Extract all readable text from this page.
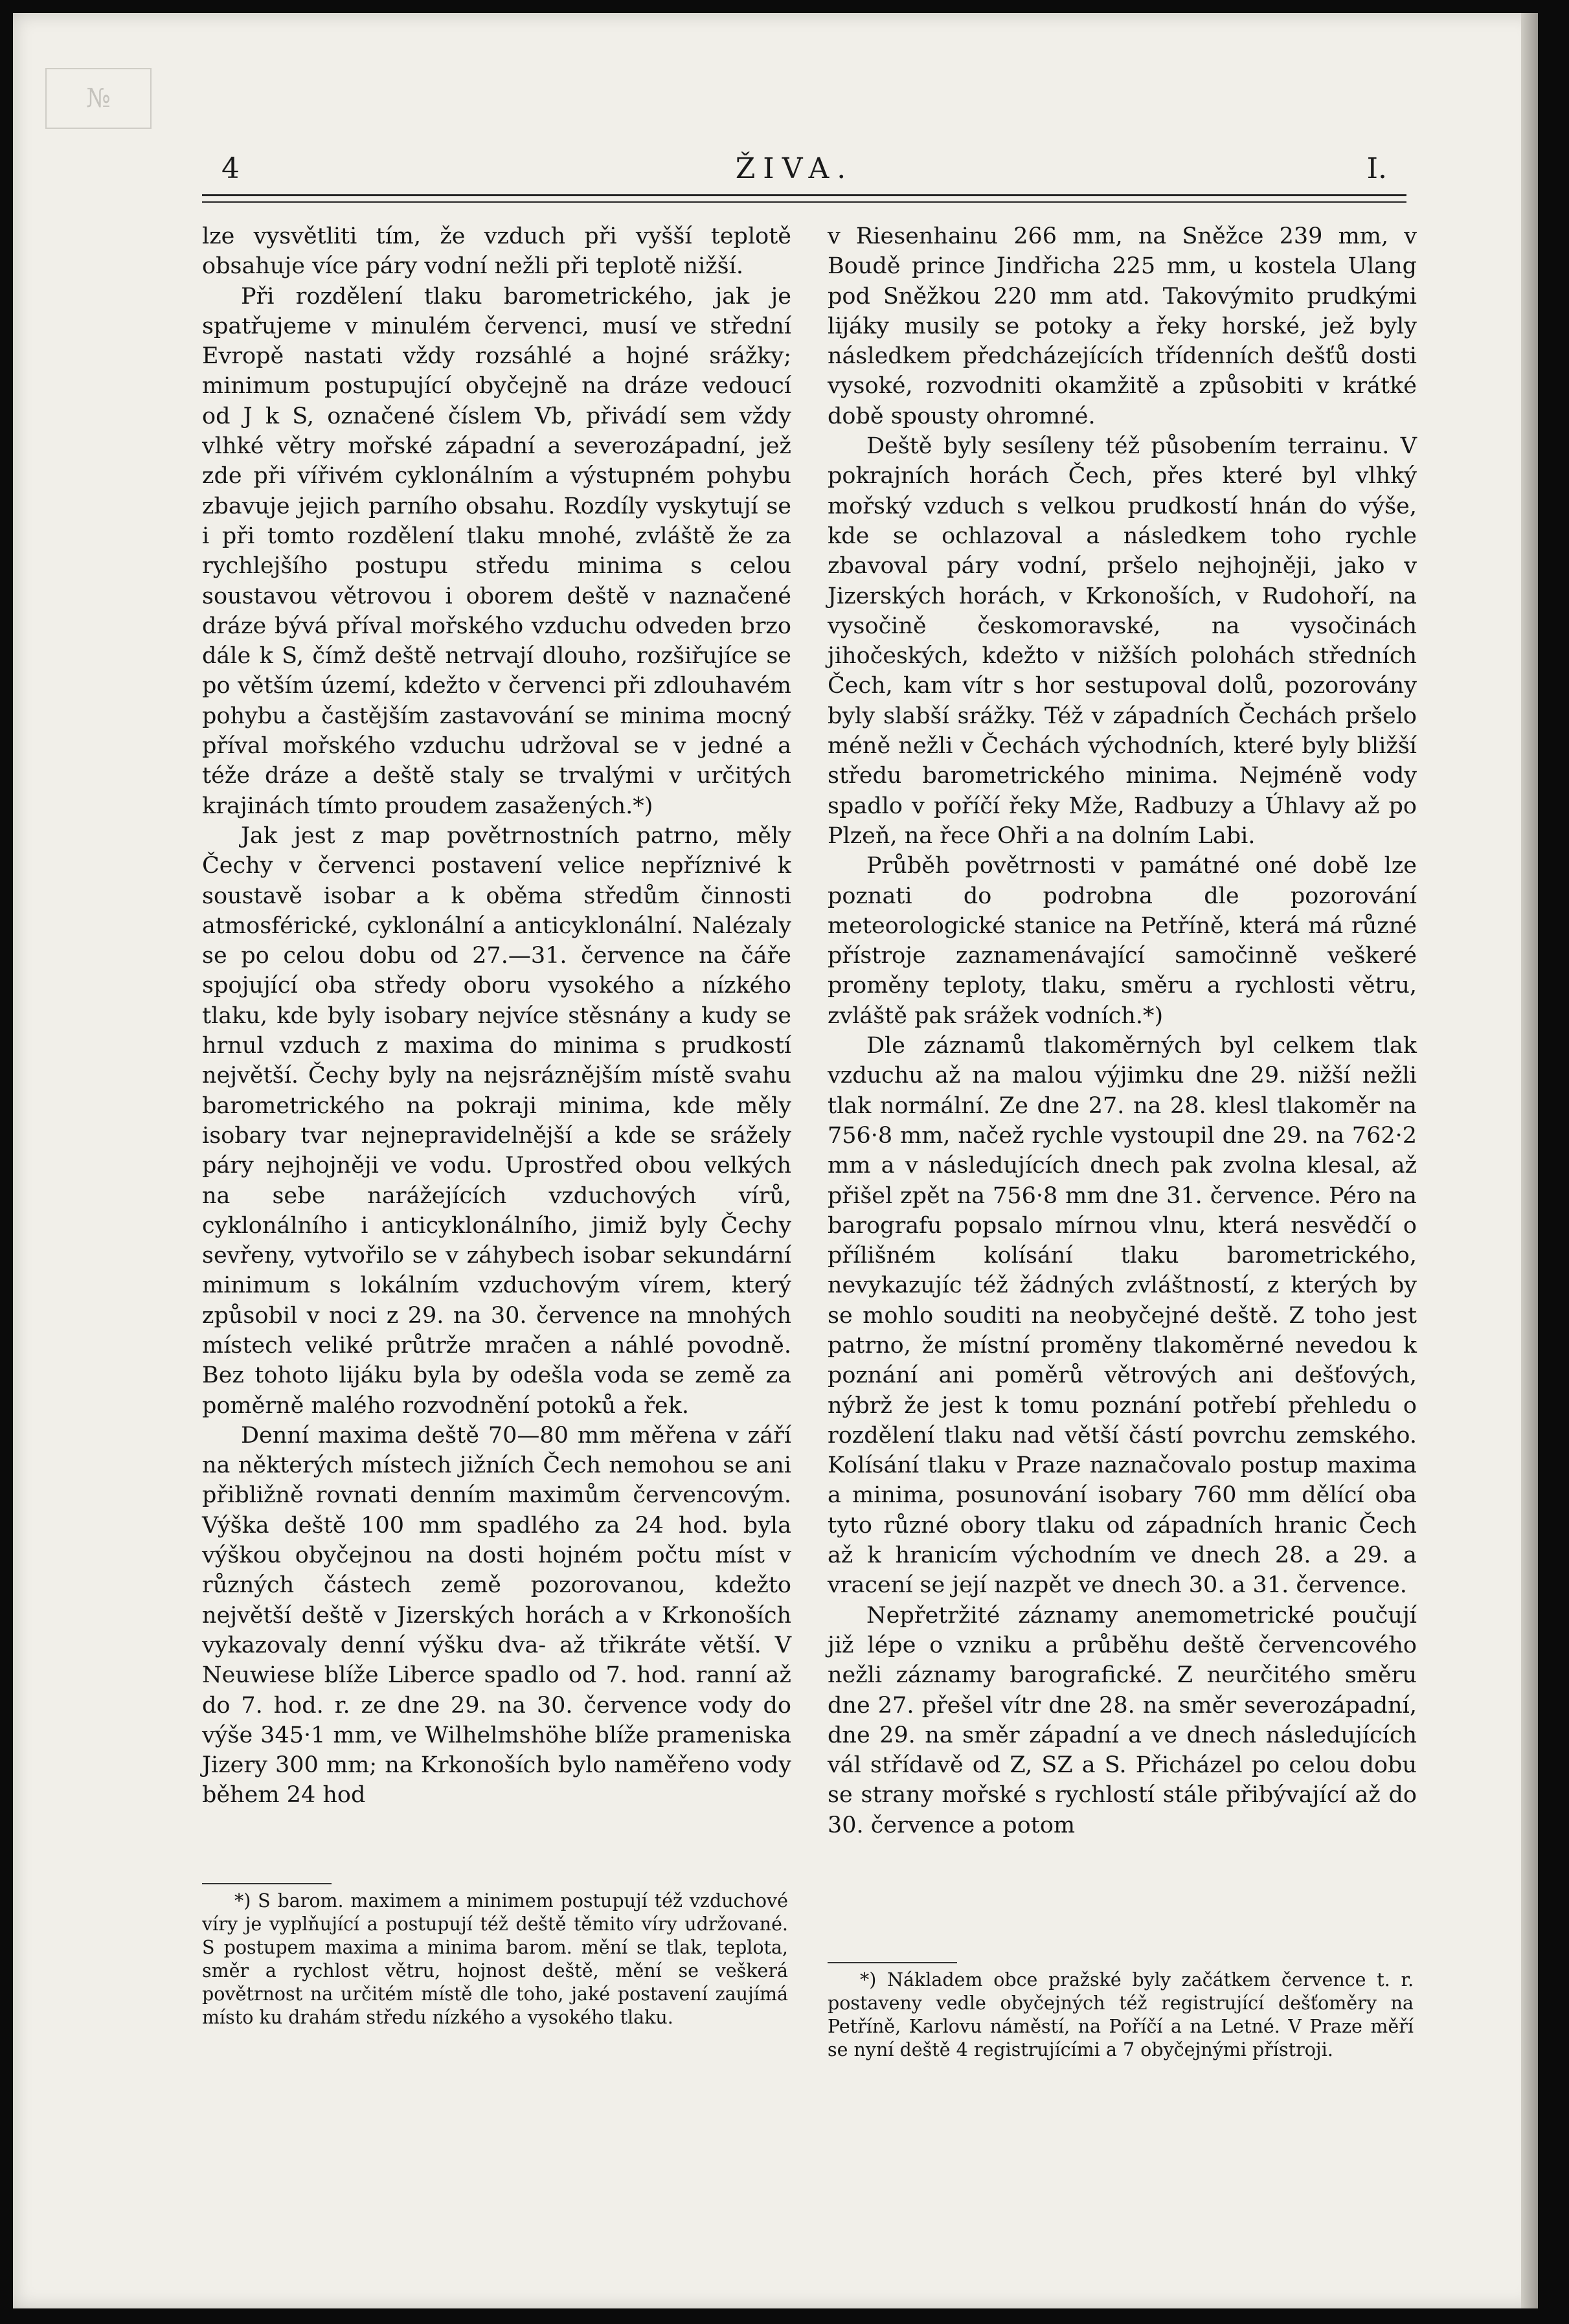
№
4	ŽIVA.	I.

lze vysvětliti tím, že vzduch při vyšší teplotě obsahuje více páry vodní nežli při teplotě nižší.

Při rozdělení tlaku barometrického, jak je spatřujeme v minulém červenci, musí ve střední Evropě nastati vždy rozsáhlé a hojné srážky; minimum postupující obyčejně na dráze vedoucí od J k S, označené číslem Vb, přivádí sem vždy vlhké větry mořské západní a severozápadní, jež zde při vířivém cyklonálním a výstupném pohybu zbavuje jejich parního obsahu. Rozdíly vyskytují se i při tomto rozdělení tlaku mnohé, zvláště že za rychlejšího postupu středu minima s celou soustavou větrovou i oborem deště v naznačené dráze bývá příval mořského vzduchu odveden brzo dále k S, čímž deště netrvají dlouho, rozšiřujíce se po větším území, kdežto v červenci při zdlouhavém pohybu a častějším zastavování se minima mocný příval mořského vzduchu udržoval se v jedné a téže dráze a deště staly se trvalými v určitých krajinách tímto proudem zasažených.*)

Jak jest z map povětrnostních patrno, měly Čechy v červenci postavení velice nepříznivé k soustavě isobar a k oběma středům činnosti atmosférické, cyklonální a anticyklonální. Nalézaly se po celou dobu od 27.—31. července na čáře spojující oba středy oboru vysokého a nízkého tlaku, kde byly isobary nejvíce stěsnány a kudy se hrnul vzduch z maxima do minima s prudkostí největší. Čechy byly na nejsráznějším místě svahu barometrického na pokraji minima, kde měly isobary tvar nejnepravidelnější a kde se srážely páry nejhojněji ve vodu. Uprostřed obou velkých na sebe narážejících vzduchových vírů, cyklonálního i anticyklonálního, jimiž byly Čechy sevřeny, vytvořilo se v záhybech isobar sekundární minimum s lokálním vzduchovým vírem, který způsobil v noci z 29. na 30. července na mnohých místech veliké průtrže mračen a náhlé povodně. Bez tohoto lijáku byla by odešla voda se země za poměrně malého rozvodnění potoků a řek.

Denní maxima deště 70—80 mm měřena v září na některých místech jižních Čech nemohou se ani přibližně rovnati denním maximům červencovým. Výška deště 100 mm spadlého za 24 hod. byla výškou obyčejnou na dosti hojném počtu míst v různých částech země pozorovanou, kdežto největší deště v Jizerských horách a v Krkonoších vykazovaly denní výšku dva- až třikráte větší. V Neuwiese blíže Liberce spadlo od 7. hod. ranní až do 7. hod. r. ze dne 29. na 30. července vody do výše 345·1 mm, ve Wilhelmshöhe blíže prameniska Jizery 300 mm; na Krkonoších bylo naměřeno vody během 24 hod

v Riesenhainu 266 mm, na Sněžce 239 mm, v Boudě prince Jindřicha 225 mm, u kostela Ulang pod Sněžkou 220 mm atd. Takovýmito prudkými lijáky musily se potoky a řeky horské, jež byly následkem předcházejících třídenních dešťů dosti vysoké, rozvodniti okamžitě a způsobiti v krátké době spousty ohromné.

Deště byly sesíleny též působením terrainu. V pokrajních horách Čech, přes které byl vlhký mořský vzduch s velkou prudkostí hnán do výše, kde se ochlazoval a následkem toho rychle zbavoval páry vodní, pršelo nejhojněji, jako v Jizerských horách, v Krkonoších, v Rudohoří, na vysočině českomoravské, na vysočinách jihočeských, kdežto v nižších polohách středních Čech, kam vítr s hor sestupoval dolů, pozorovány byly slabší srážky. Též v západních Čechách pršelo méně nežli v Čechách východních, které byly bližší středu barometrického minima. Nejméně vody spadlo v poříčí řeky Mže, Radbuzy a Úhlavy až po Plzeň, na řece Ohři a na dolním Labi.

Průběh povětrnosti v památné oné době lze poznati do podrobna dle pozorování meteorologické stanice na Petříně, která má různé přístroje zaznamenávající samočinně veškeré proměny teploty, tlaku, směru a rychlosti větru, zvláště pak srážek vodních.*)

Dle záznamů tlakoměrných byl celkem tlak vzduchu až na malou výjimku dne 29. nižší nežli tlak normální. Ze dne 27. na 28. klesl tlakoměr na 756·8 mm, načež rychle vystoupil dne 29. na 762·2 mm a v následujících dnech pak zvolna klesal, až přišel zpět na 756·8 mm dne 31. července. Péro na barografu popsalo mírnou vlnu, která nesvědčí o přílišném kolísání tlaku barometrického, nevykazujíc též žádných zvláštností, z kterých by se mohlo souditi na neobyčejné deště. Z toho jest patrno, že místní proměny tlakoměrné nevedou k poznání ani poměrů větrových ani dešťových, nýbrž že jest k tomu poznání potřebí přehledu o rozdělení tlaku nad větší částí povrchu zemského. Kolísání tlaku v Praze naznačovalo postup maxima a minima, posunování isobary 760 mm dělící oba tyto různé obory tlaku od západních hranic Čech až k hranicím východním ve dnech 28. a 29. a vracení se její nazpět ve dnech 30. a 31. července.

Nepřetržité záznamy anemometrické poučují již lépe o vzniku a průběhu deště červencového nežli záznamy barografické. Z neurčitého směru dne 27. přešel vítr dne 28. na směr severozápadní, dne 29. na směr západní a ve dnech následujících vál střídavě od Z, SZ a S. Přicházel po celou dobu se strany mořské s rychlostí stále přibývající až do 30. července a potom

*) S barom. maximem a minimem postupují též vzduchové víry je vyplňující a postupují též deště těmito víry udržované. S postupem maxima a minima barom. mění se tlak, teplota, směr a rychlost větru, hojnost deště, mění se veškerá povětrnost na určitém místě dle toho, jaké postavení zaujímá místo ku drahám středu nízkého a vysokého tlaku.

*) Nákladem obce pražské byly začátkem července t. r. postaveny vedle obyčejných též registrující dešťoměry na Petříně, Karlovu náměstí, na Poříčí a na Letné. V Praze měří se nyní deště 4 registrujícími a 7 obyčejnými přístroji.
